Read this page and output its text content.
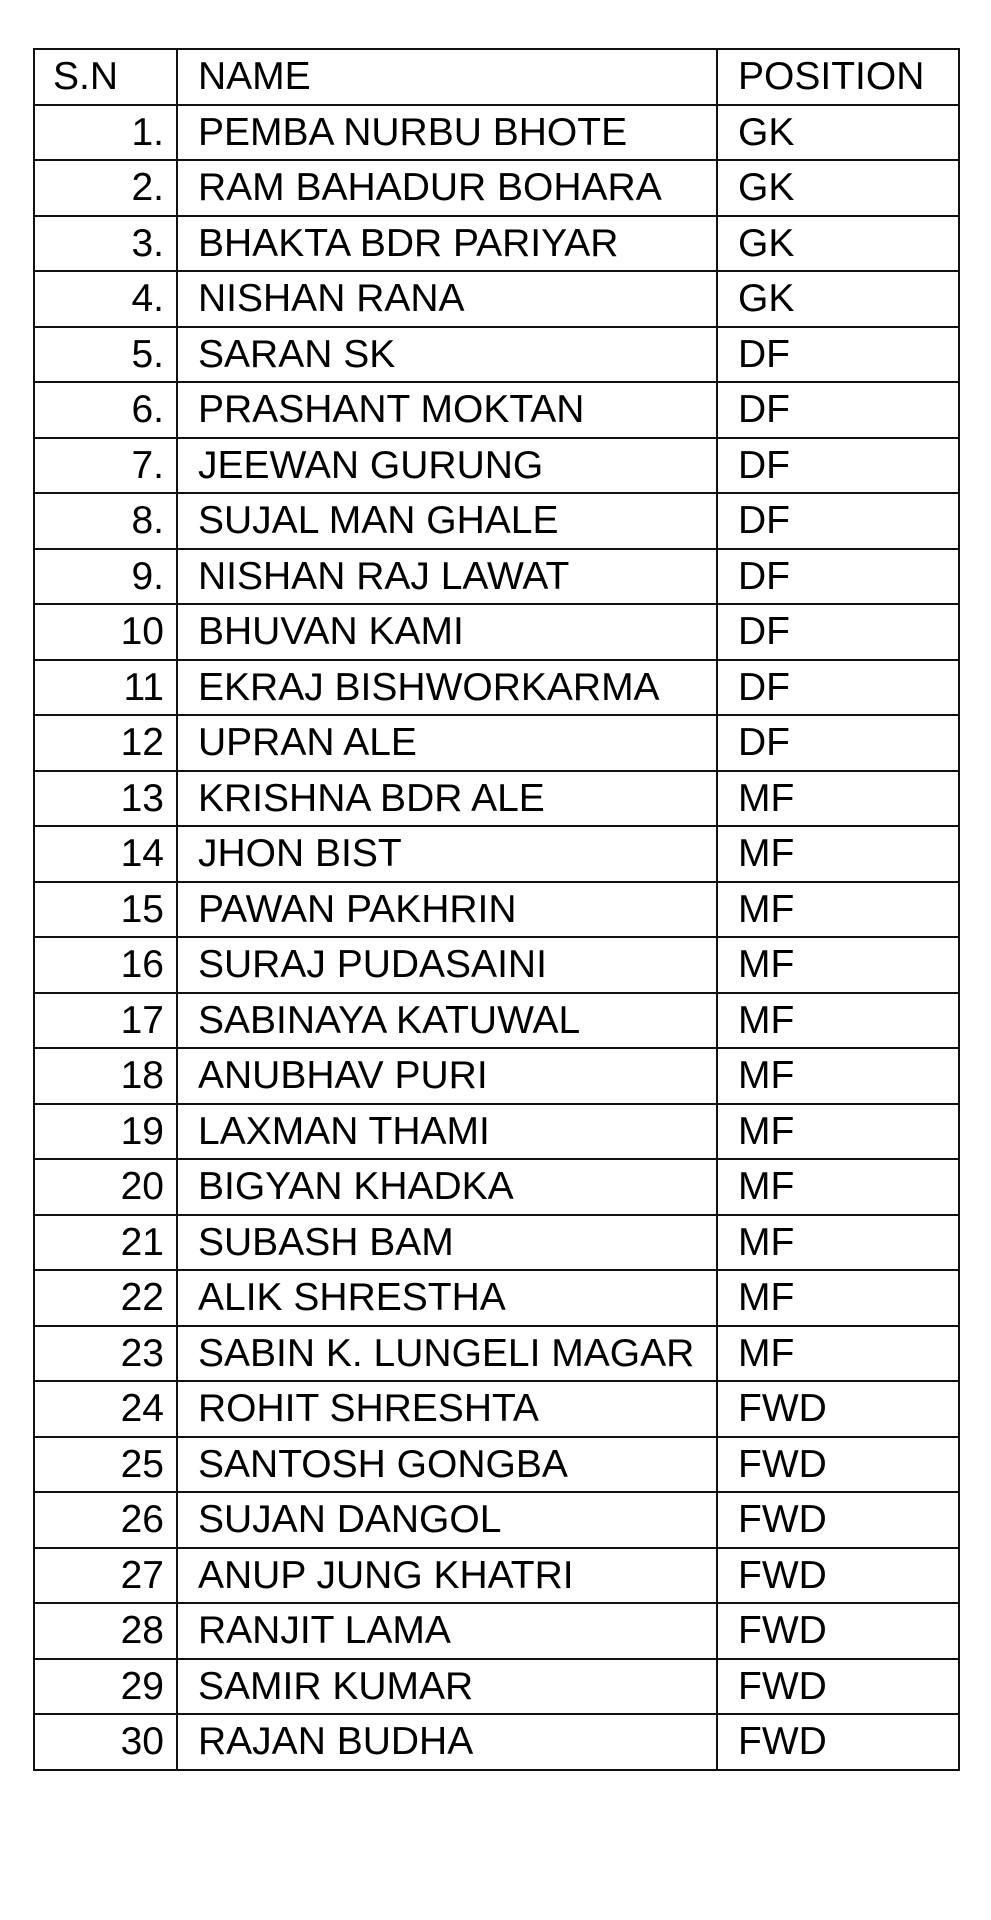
S.N	NAME	POSITION
1.	PEMBA NURBU BHOTE	GK
2.	RAM BAHADUR BOHARA	GK
3.	BHAKTA BDR PARIYAR	GK
4.	NISHAN RANA	GK
5.	SARAN SK	DF
6.	PRASHANT MOKTAN	DF
7.	JEEWAN GURUNG	DF
8.	SUJAL MAN GHALE	DF
9.	NISHAN RAJ LAWAT	DF
10	BHUVAN KAMI	DF
11	EKRAJ BISHWORKARMA	DF
12	UPRAN ALE	DF
13	KRISHNA BDR ALE	MF
14	JHON BIST	MF
15	PAWAN PAKHRIN	MF
16	SURAJ PUDASAINI	MF
17	SABINAYA KATUWAL	MF
18	ANUBHAV PURI	MF
19	LAXMAN THAMI	MF
20	BIGYAN KHADKA	MF
21	SUBASH BAM	MF
22	ALIK SHRESTHA	MF
23	SABIN K. LUNGELI MAGAR	MF
24	ROHIT SHRESHTA	FWD
25	SANTOSH GONGBA	FWD
26	SUJAN DANGOL	FWD
27	ANUP JUNG KHATRI	FWD
28	RANJIT LAMA	FWD
29	SAMIR KUMAR	FWD
30	RAJAN BUDHA	FWD
